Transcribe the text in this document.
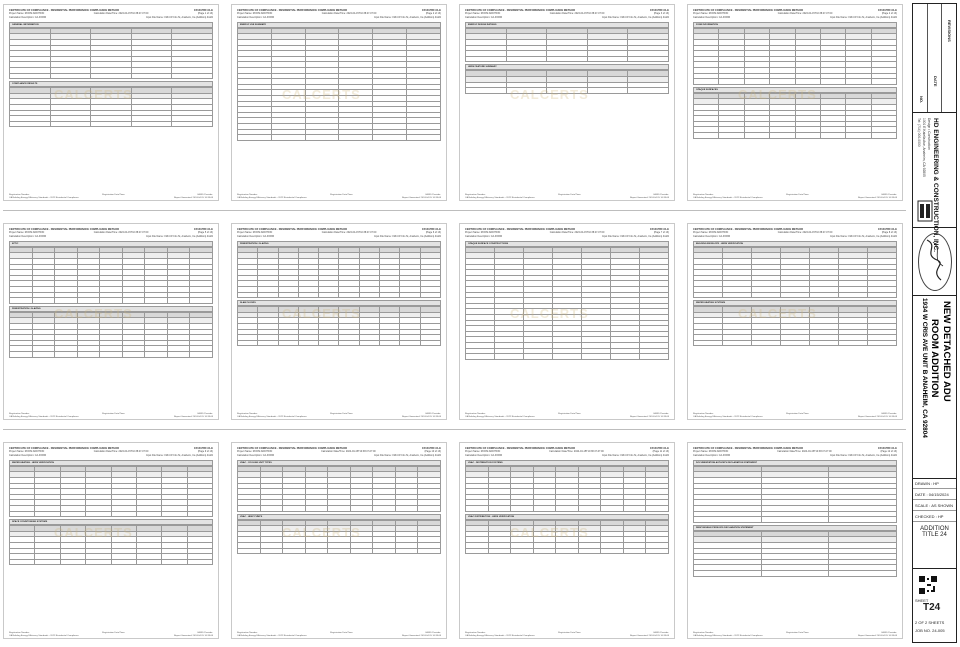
CERTIFICATE OF COMPLIANCE - RESIDENTIAL PERFORMANCE COMPLIANCE METHOD	CF1R-PRF-01-E
Project Name: ROOM ADDITION	Calculation Date/Time: 2024-04-15T10:38:47-07:00	(Page 1 of 13)
Calculation Description: CA-FORM	Input File Name: 1934 W Cris St, Anaheim, Ca (Addition).rbd22
GENERAL INFORMATION

COMPLIANCE RESULTS

CALCERTS
Registration Number:	Registration Date/Time:	HERS Provider:
CA Building Energy Efficiency Standards - 2022 Residential Compliance	Report Generated: 2024-04-15 10:39:08
CERTIFICATE OF COMPLIANCE - RESIDENTIAL PERFORMANCE COMPLIANCE METHOD	CF1R-PRF-01-E
Project Name: ROOM ADDITION	Calculation Date/Time: 2024-04-15T10:38:47-07:00	(Page 2 of 13)
Calculation Description: CA-FORM	Input File Name: 1934 W Cris St, Anaheim, Ca (Addition).rbd22
ENERGY USE SUMMARY

CALCERTS
Registration Number:	Registration Date/Time:	HERS Provider:
CA Building Energy Efficiency Standards - 2022 Residential Compliance	Report Generated: 2024-04-15 10:39:08
CERTIFICATE OF COMPLIANCE - RESIDENTIAL PERFORMANCE COMPLIANCE METHOD	CF1R-PRF-01-E
Project Name: ROOM ADDITION	Calculation Date/Time: 2024-04-15T10:38:47-07:00	(Page 3 of 13)
Calculation Description: CA-FORM	Input File Name: 1934 W Cris St, Anaheim, Ca (Addition).rbd22
ENERGY DESIGN RATINGS

HERS FEATURE SUMMARY

CALCERTS
Registration Number:	Registration Date/Time:	HERS Provider:
CA Building Energy Efficiency Standards - 2022 Residential Compliance	Report Generated: 2024-04-15 10:39:08
CERTIFICATE OF COMPLIANCE - RESIDENTIAL PERFORMANCE COMPLIANCE METHOD	CF1R-PRF-01-E
Project Name: ROOM ADDITION	Calculation Date/Time: 2024-04-15T10:38:47-07:00	(Page 4 of 13)
Calculation Description: CA-FORM	Input File Name: 1934 W Cris St, Anaheim, Ca (Addition).rbd22
ZONE INFORMATION

OPAQUE SURFACES

								CALCERTS
Registration Number:	Registration Date/Time:	HERS Provider:
CA Building Energy Efficiency Standards - 2022 Residential Compliance	Report Generated: 2024-04-15 10:39:08
CERTIFICATE OF COMPLIANCE - RESIDENTIAL PERFORMANCE COMPLIANCE METHOD	CF1R-PRF-01-E
Project Name: ROOM ADDITION	Calculation Date/Time: 2024-04-15T10:38:47-07:00	(Page 5 of 13)
Calculation Description: CA-FORM	Input File Name: 1934 W Cris St, Anaheim, Ca (Addition).rbd22
ATTIC

FENESTRATION / GLAZING

									CALCERTS
Registration Number:	Registration Date/Time:	HERS Provider:
CA Building Energy Efficiency Standards - 2022 Residential Compliance	Report Generated: 2024-04-15 10:39:08
CERTIFICATE OF COMPLIANCE - RESIDENTIAL PERFORMANCE COMPLIANCE METHOD	CF1R-PRF-01-E
Project Name: ROOM ADDITION	Calculation Date/Time: 2024-04-15T10:38:47-07:00	(Page 6 of 13)
Calculation Description: CA-FORM	Input File Name: 1934 W Cris St, Anaheim, Ca (Addition).rbd22
FENESTRATION / GLAZING

SLAB FLOORS

CALCERTS
Registration Number:	Registration Date/Time:	HERS Provider:
CA Building Energy Efficiency Standards - 2022 Residential Compliance	Report Generated: 2024-04-15 10:39:08
CERTIFICATE OF COMPLIANCE - RESIDENTIAL PERFORMANCE COMPLIANCE METHOD	CF1R-PRF-01-E
Project Name: ROOM ADDITION	Calculation Date/Time: 2024-04-15T10:38:47-07:00	(Page 7 of 13)
Calculation Description: CA-FORM	Input File Name: 1934 W Cris St, Anaheim, Ca (Addition).rbd22
OPAQUE SURFACE CONSTRUCTIONS

CALCERTS
Registration Number:	Registration Date/Time:	HERS Provider:
CA Building Energy Efficiency Standards - 2022 Residential Compliance	Report Generated: 2024-04-15 10:39:08
CERTIFICATE OF COMPLIANCE - RESIDENTIAL PERFORMANCE COMPLIANCE METHOD	CF1R-PRF-01-E
Project Name: ROOM ADDITION	Calculation Date/Time: 2024-04-15T10:38:47-07:00	(Page 8 of 13)
Calculation Description: CA-FORM	Input File Name: 1934 W Cris St, Anaheim, Ca (Addition).rbd22
BUILDING ENVELOPE - HERS VERIFICATION

WATER HEATING SYSTEMS

CALCERTS
Registration Number:	Registration Date/Time:	HERS Provider:
CA Building Energy Efficiency Standards - 2022 Residential Compliance	Report Generated: 2024-04-15 10:39:08
CERTIFICATE OF COMPLIANCE - RESIDENTIAL PERFORMANCE COMPLIANCE METHOD	CF1R-PRF-01-E
Project Name: ROOM ADDITION	Calculation Date/Time: 2024-04-15T10:38:47-07:00	(Page 9 of 13)
Calculation Description: CA-FORM	Input File Name: 1934 W Cris St, Anaheim, Ca (Addition).rbd22
WATER HEATING - HERS VERIFICATION

SPACE CONDITIONING SYSTEMS

CALCERTS
Registration Number:	Registration Date/Time:	HERS Provider:
CA Building Energy Efficiency Standards - 2022 Residential Compliance	Report Generated: 2024-04-15 10:39:08
CERTIFICATE OF COMPLIANCE - RESIDENTIAL PERFORMANCE COMPLIANCE METHOD	CF1R-PRF-01-E
Project Name: ROOM ADDITION	Calculation Date/Time: 2024-04-15T10:38:47-07:00	(Page 10 of 13)
Calculation Description: CA-FORM	Input File Name: 1934 W Cris St, Anaheim, Ca (Addition).rbd22
HVAC - COOLING UNIT TYPES

HVAC - HEAT PUMPS

CALCERTS
Registration Number:	Registration Date/Time:	HERS Provider:
CA Building Energy Efficiency Standards - 2022 Residential Compliance	Report Generated: 2024-04-15 10:39:08
CERTIFICATE OF COMPLIANCE - RESIDENTIAL PERFORMANCE COMPLIANCE METHOD	CF1R-PRF-01-E
Project Name: ROOM ADDITION	Calculation Date/Time: 2024-04-15T10:38:47-07:00	(Page 11 of 13)
Calculation Description: CA-FORM	Input File Name: 1934 W Cris St, Anaheim, Ca (Addition).rbd22
HVAC - DISTRIBUTION SYSTEMS

HVAC DISTRIBUTION - HERS VERIFICATION

CALCERTS
Registration Number:	Registration Date/Time:	HERS Provider:
CA Building Energy Efficiency Standards - 2022 Residential Compliance	Report Generated: 2024-04-15 10:39:08
CERTIFICATE OF COMPLIANCE - RESIDENTIAL PERFORMANCE COMPLIANCE METHOD	CF1R-PRF-01-E
Project Name: ROOM ADDITION	Calculation Date/Time: 2024-04-15T10:38:47-07:00	(Page 12 of 13)
Calculation Description: CA-FORM	Input File Name: 1934 W Cris St, Anaheim, Ca (Addition).rbd22
DOCUMENTATION AUTHOR'S DECLARATION STATEMENT

RESPONSIBLE PERSON'S DECLARATION STATEMENT

Registration Number:	Registration Date/Time:	HERS Provider:
CA Building Energy Efficiency Standards - 2022 Residential Compliance	Report Generated: 2024-04-15 10:39:08
NO.
DATE
REVISIONS
HD ENGINEERING & CONSTRUCTION, INC.
Design • Construction
1001 E Katella Ave, Anaheim, CA 92805
Tel: (714) 000-0000
NEW DETACHED ADU
ROOM ADDITION
1934 W CRIS AVE UNIT B ANAHEIM, CA 92804
DRAWN : HP
DATE : 04/15/2024
SCALE : AS SHOWN
CHECKED : HP
ADDITION
TITLE 24
SHEET
T24
2 OF 2 SHEETS
JOB NO. 24-005
